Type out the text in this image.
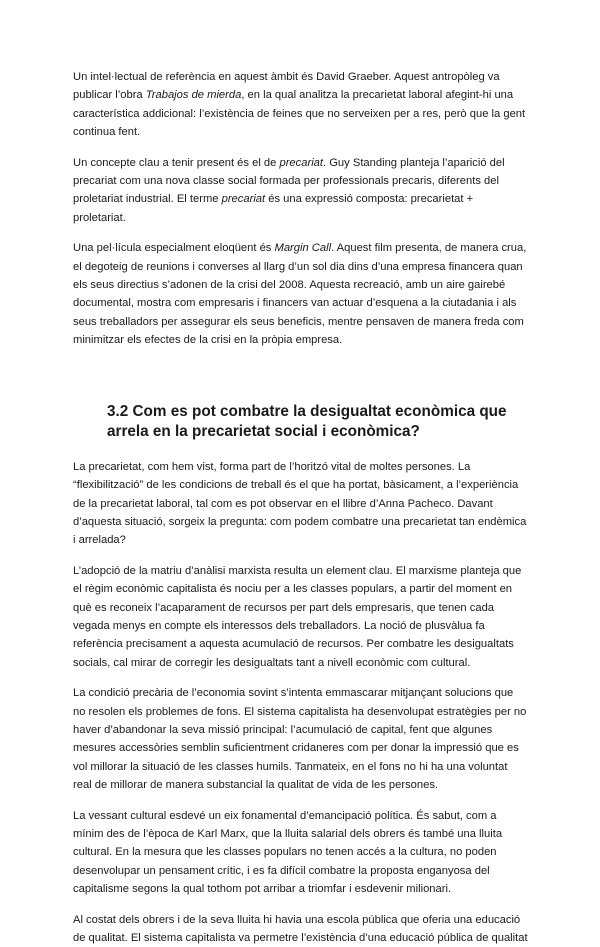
Un intel·lectual de referència en aquest àmbit és David Graeber. Aquest antropòleg va publicar l’obra Trabajos de mierda, en la qual analitza la precarietat laboral afegint-hi una característica addicional: l’existència de feines que no serveixen per a res, però que la gent continua fent.

Un concepte clau a tenir present és el de precariat. Guy Standing planteja l’aparició del precariat com una nova classe social formada per professionals precaris, diferents del proletariat industrial. El terme precariat és una expressió composta: precarietat + proletariat.

Una pel·lícula especialment eloqüent és Margin Call. Aquest film presenta, de manera crua, el degoteig de reunions i converses al llarg d’un sol dia dins d’una empresa financera quan els seus directius s’adonen de la crisi del 2008. Aquesta recreació, amb un aire gairebé documental, mostra com empresaris i financers van actuar d’esquena a la ciutadania i als seus treballadors per assegurar els seus beneficis, mentre pensaven de manera freda com minimitzar els efectes de la crisi en la pròpia empresa.

3.2 Com es pot combatre la desigualtat econòmica que arrela en la precarietat social i econòmica?

La precarietat, com hem vist, forma part de l’horitzó vital de moltes persones. La “flexibilització” de les condicions de treball és el que ha portat, bàsicament, a l’experiència de la precarietat laboral, tal com es pot observar en el llibre d’Anna Pacheco. Davant d’aquesta situació, sorgeix la pregunta: com podem combatre una precarietat tan endèmica i arrelada?

L’adopció de la matriu d’anàlisi marxista resulta un element clau. El marxisme planteja que el règim econòmic capitalista és nociu per a les classes populars, a partir del moment en què es reconeix l’acaparament de recursos per part dels empresaris, que tenen cada vegada menys en compte els interessos dels treballadors. La noció de plusvàlua fa referència precisament a aquesta acumulació de recursos. Per combatre les desigualtats socials, cal mirar de corregir les desigualtats tant a nivell econòmic com cultural.

La condició precària de l’economia sovint s’intenta emmascarar mitjançant solucions que no resolen els problemes de fons. El sistema capitalista ha desenvolupat estratègies per no haver d’abandonar la seva missió principal: l’acumulació de capital, fent que algunes mesures accessòries semblin suficientment cridaneres com per donar la impressió que es vol millorar la situació de les classes humils. Tanmateix, en el fons no hi ha una voluntat real de millorar de manera substancial la qualitat de vida de les persones.

La vessant cultural esdevé un eix fonamental d’emancipació política. És sabut, com a mínim des de l’època de Karl Marx, que la lluita salarial dels obrers és també una lluita cultural. En la mesura que les classes populars no tenen accés a la cultura, no poden desenvolupar un pensament crític, i es fa difícil combatre la proposta enganyosa del capitalisme segons la qual tothom pot arribar a triomfar i esdevenir milionari.

Al costat dels obrers i de la seva lluita hi havia una escola pública que oferia una educació de qualitat. El sistema capitalista va permetre l’existència d’una educació pública de qualitat
